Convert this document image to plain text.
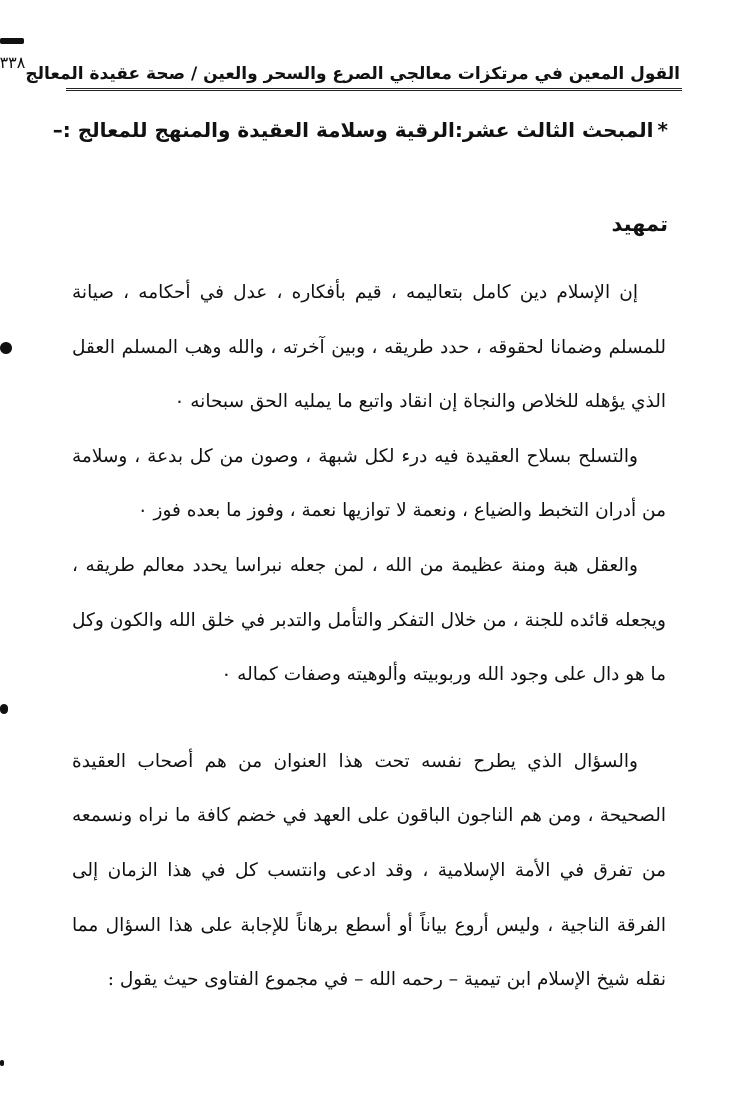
القول المعين في مرتكزات معالجي الصرع والسحر والعين / صحة عقيدة المعالج
٣٣٨
*المبحث الثالث عشر:الرقية وسلامة العقيدة والمنهج للمعالج :–
تمهيد

إن الإسلام دين كامل بتعاليمه ، قيم بأفكاره ، عدل في أحكامه ، صيانة للمسلم وضمانا لحقوقه ، حدد طريقه ، وبين آخرته ، والله وهب المسلم العقل الذي يؤهله للخلاص والنجاة إن انقاد واتبع ما يمليه الحق سبحانه ٠

والتسلح بسلاح العقيدة فيه درء لكل شبهة ، وصون من كل بدعة ، وسلامة من أدران التخبط والضياع ، ونعمة لا توازيها نعمة ، وفوز ما بعده فوز ٠

والعقل هبة ومنة عظيمة من الله ، لمن جعله نبراسا يحدد معالم طريقه ، ويجعله قائده للجنة ، من خلال التفكر والتأمل والتدبر في خلق الله والكون وكل ما هو دال على وجود الله وربوبيته وألوهيته وصفات كماله ٠

والسؤال الذي يطرح نفسه تحت هذا العنوان من هم أصحاب العقيدة الصحيحة ، ومن هم الناجون الباقون على العهد في خضم كافة ما نراه ونسمعه من تفرق في الأمة الإسلامية ، وقد ادعى وانتسب كل في هذا الزمان إلى الفرقة الناجية ، وليس أروع بياناً أو أسطع برهاناً للإجابة على هذا السؤال مما نقله شيخ الإسلام ابن تيمية – رحمه الله – في مجموع الفتاوى حيث يقول :
